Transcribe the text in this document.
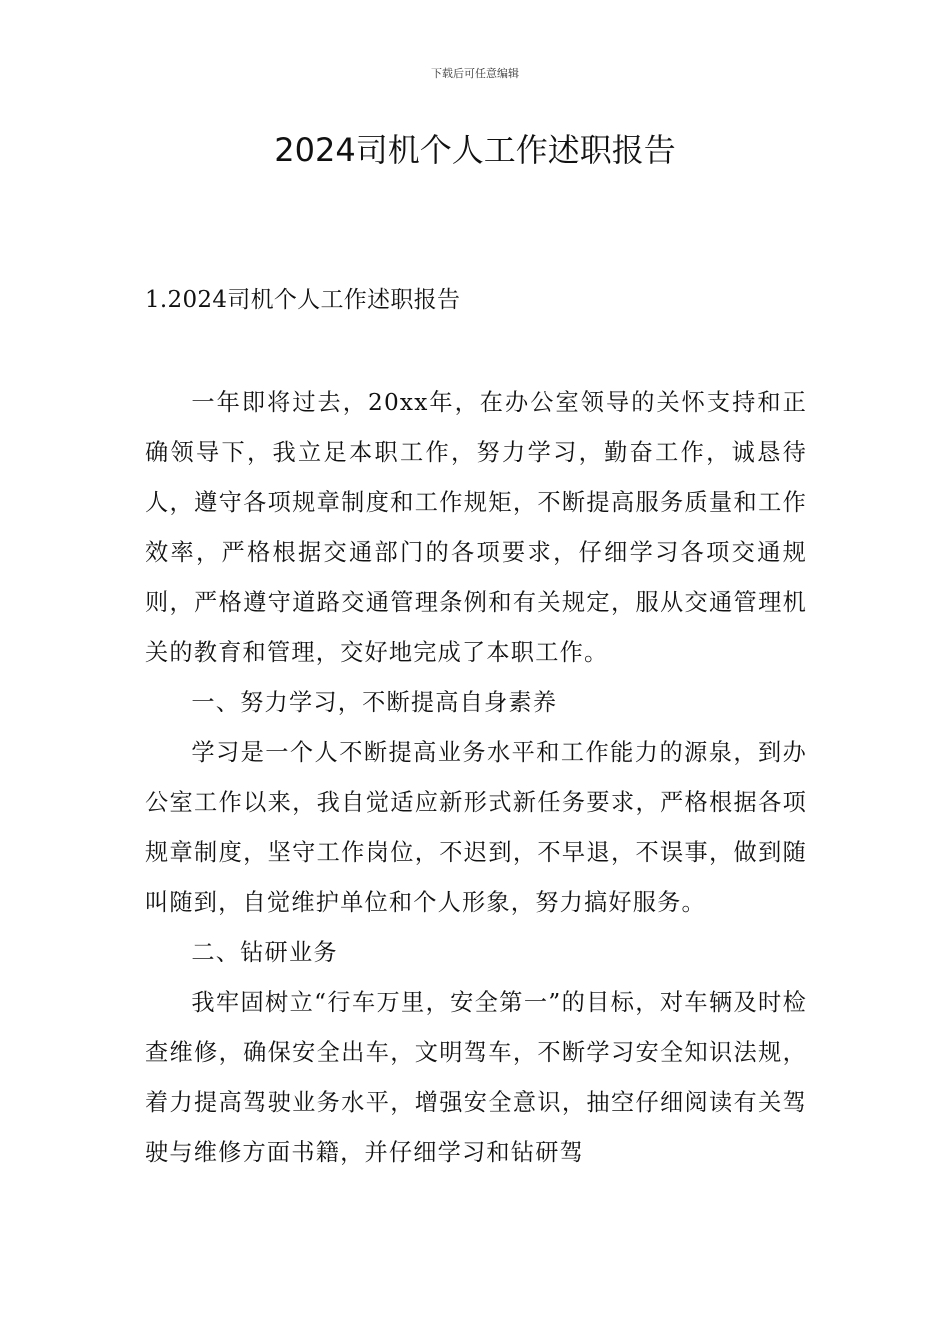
下载后可任意编辑
2024司机个人工作述职报告
1.2024司机个人工作述职报告

一年即将过去，20xx年，在办公室领导的关怀支持和正确领导下，我立足本职工作，努力学习，勤奋工作，诚恳待人，遵守各项规章制度和工作规矩，不断提高服务质量和工作效率，严格根据交通部门的各项要求，仔细学习各项交通规则，严格遵守道路交通管理条例和有关规定，服从交通管理机关的教育和管理，交好地完成了本职工作。

一、努力学习，不断提高自身素养

学习是一个人不断提高业务水平和工作能力的源泉，到办公室工作以来，我自觉适应新形式新任务要求，严格根据各项规章制度，坚守工作岗位，不迟到，不早退，不误事，做到随叫随到，自觉维护单位和个人形象，努力搞好服务。

二、钻研业务

我牢固树立“行车万里，安全第一”的目标，对车辆及时检查维修，确保安全出车，文明驾车，不断学习安全知识法规，着力提高驾驶业务水平，增强安全意识，抽空仔细阅读有关驾驶与维修方面书籍，并仔细学习和钻研驾
